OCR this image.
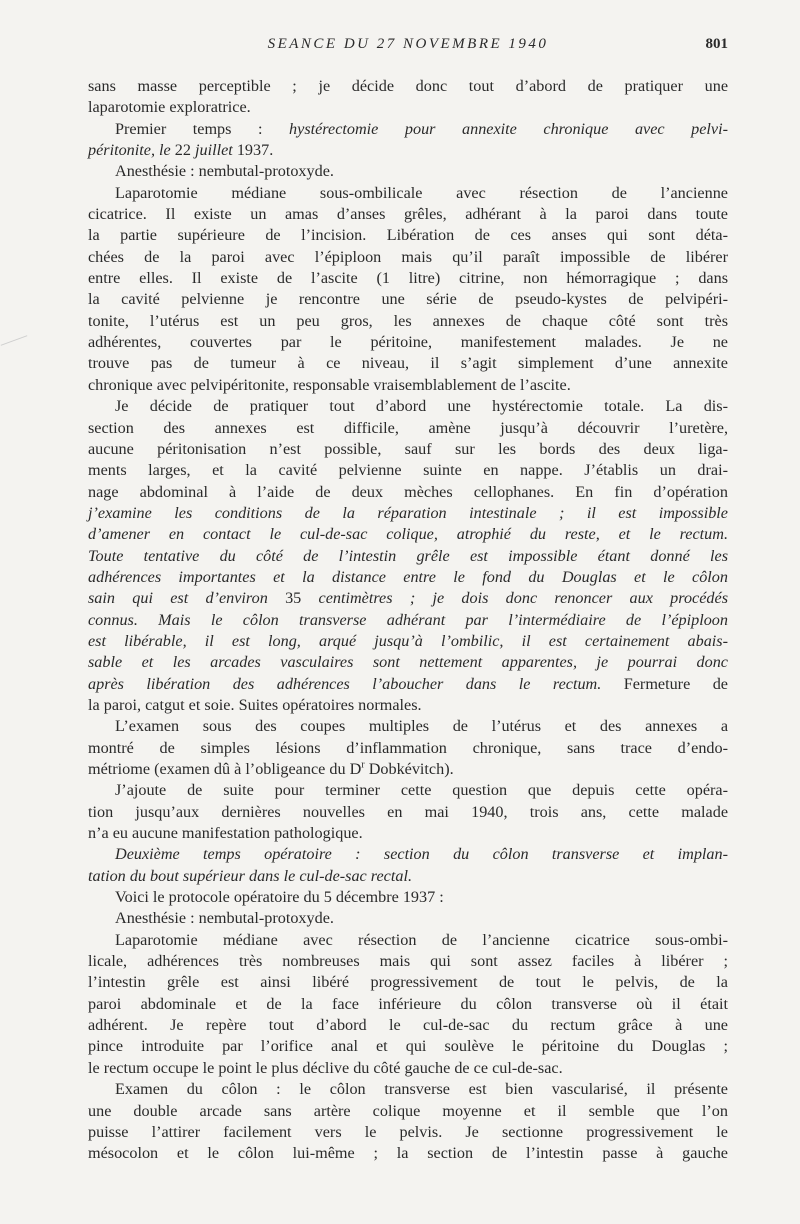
SEANCE DU 27 NOVEMBRE 1940	801
sans masse perceptible ; je décide donc tout d’abord de pratiquer une
laparotomie exploratrice.
Premier temps : hystérectomie pour annexite chronique avec pelvi-
péritonite, le 22 juillet 1937.
Anesthésie : nembutal-protoxyde.
Laparotomie médiane sous-ombilicale avec résection de l’ancienne
cicatrice. Il existe un amas d’anses grêles, adhérant à la paroi dans toute
la partie supérieure de l’incision. Libération de ces anses qui sont déta-
chées de la paroi avec l’épiploon mais qu’il paraît impossible de libérer
entre elles. Il existe de l’ascite (1 litre) citrine, non hémorragique ; dans
la cavité pelvienne je rencontre une série de pseudo-kystes de pelvipéri-
tonite, l’utérus est un peu gros, les annexes de chaque côté sont très
adhérentes, couvertes par le péritoine, manifestement malades. Je ne
trouve pas de tumeur à ce niveau, il s’agit simplement d’une annexite
chronique avec pelvipéritonite, responsable vraisemblablement de l’ascite.
Je décide de pratiquer tout d’abord une hystérectomie totale. La dis-
section des annexes est difficile, amène jusqu’à découvrir l’uretère,
aucune péritonisation n’est possible, sauf sur les bords des deux liga-
ments larges, et la cavité pelvienne suinte en nappe. J’établis un drai-
nage abdominal à l’aide de deux mèches cellophanes. En fin d’opération
j’examine les conditions de la réparation intestinale ; il est impossible
d’amener en contact le cul-de-sac colique, atrophié du reste, et le rectum.
Toute tentative du côté de l’intestin grêle est impossible étant donné les
adhérences importantes et la distance entre le fond du Douglas et le côlon
sain qui est d’environ 35 centimètres ; je dois donc renoncer aux procédés
connus. Mais le côlon transverse adhérant par l’intermédiaire de l’épiploon
est libérable, il est long, arqué jusqu’à l’ombilic, il est certainement abais-
sable et les arcades vasculaires sont nettement apparentes, je pourrai donc
après libération des adhérences l’aboucher dans le rectum. Fermeture de
la paroi, catgut et soie. Suites opératoires normales.
L’examen sous des coupes multiples de l’utérus et des annexes a
montré de simples lésions d’inflammation chronique, sans trace d’endo-
métriome (examen dû à l’obligeance du $D^r$ Dobkévitch).
J’ajoute de suite pour terminer cette question que depuis cette opéra-
tion jusqu’aux dernières nouvelles en mai 1940, trois ans, cette malade
n’a eu aucune manifestation pathologique.
Deuxième temps opératoire : section du côlon transverse et implan-
tation du bout supérieur dans le cul-de-sac rectal.
Voici le protocole opératoire du 5 décembre 1937 :
Anesthésie : nembutal-protoxyde.
Laparotomie médiane avec résection de l’ancienne cicatrice sous-ombi-
licale, adhérences très nombreuses mais qui sont assez faciles à libérer ;
l’intestin grêle est ainsi libéré progressivement de tout le pelvis, de la
paroi abdominale et de la face inférieure du côlon transverse où il était
adhérent. Je repère tout d’abord le cul-de-sac du rectum grâce à une
pince introduite par l’orifice anal et qui soulève le péritoine du Douglas ;
le rectum occupe le point le plus déclive du côté gauche de ce cul-de-sac.
Examen du côlon : le côlon transverse est bien vascularisé, il présente
une double arcade sans artère colique moyenne et il semble que l’on
puisse l’attirer facilement vers le pelvis. Je sectionne progressivement le
mésocolon et le côlon lui-même ; la section de l’intestin passe à gauche
